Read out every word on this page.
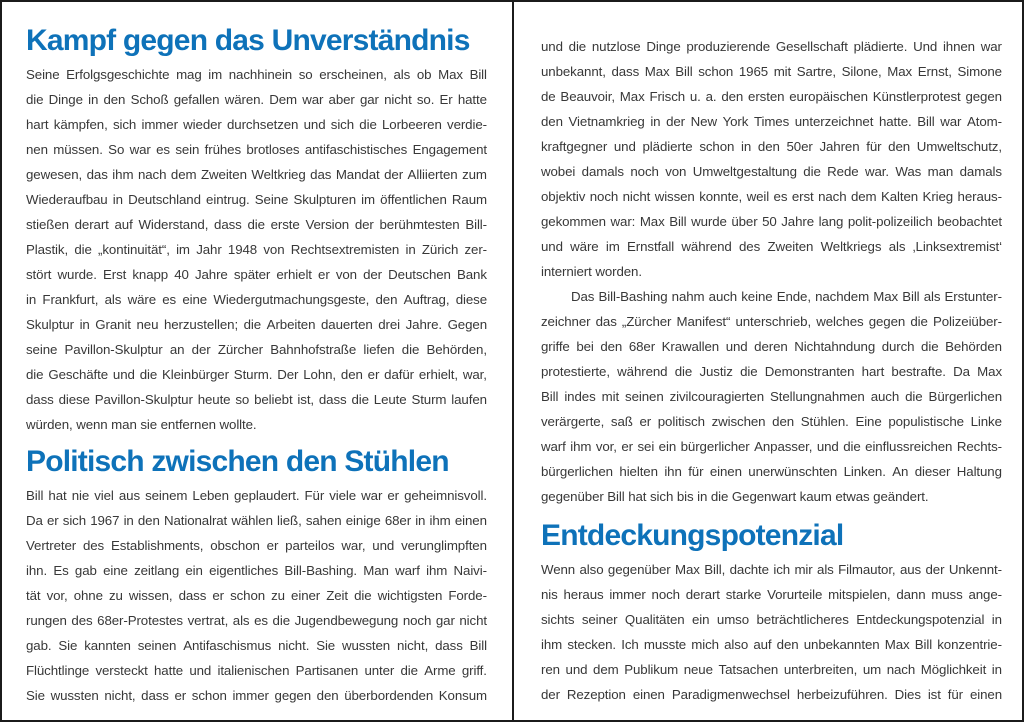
Kampf gegen das Unverständnis
Seine Erfolgsgeschichte mag im nachhinein so erscheinen, als ob Max Bill
die Dinge in den Schoß gefallen wären. Dem war aber gar nicht so. Er hatte
hart kämpfen, sich immer wieder durchsetzen und sich die Lorbeeren verdie-
nen müssen. So war es sein frühes brotloses antifaschistisches Engagement
gewesen, das ihm nach dem Zweiten Weltkrieg das Mandat der Alliierten zum
Wiederaufbau in Deutschland eintrug. Seine Skulpturen im öffentlichen Raum
stießen derart auf Widerstand, dass die erste Version der berühmtesten Bill-
Plastik, die „kontinuität“, im Jahr 1948 von Rechtsextremisten in Zürich zer-
stört wurde. Erst knapp 40 Jahre später erhielt er von der Deutschen Bank
in Frankfurt, als wäre es eine Wiedergutmachungsgeste, den Auftrag, diese
Skulptur in Granit neu herzustellen; die Arbeiten dauerten drei Jahre. Gegen
seine Pavillon-Skulptur an der Zürcher Bahnhofstraße liefen die Behörden,
die Geschäfte und die Kleinbürger Sturm. Der Lohn, den er dafür erhielt, war,
dass diese Pavillon-Skulptur heute so beliebt ist, dass die Leute Sturm laufen
würden, wenn man sie entfernen wollte.
Politisch zwischen den Stühlen
Bill hat nie viel aus seinem Leben geplaudert. Für viele war er geheimnisvoll.
Da er sich 1967 in den Nationalrat wählen ließ, sahen einige 68er in ihm einen
Vertreter des Establishments, obschon er parteilos war, und verunglimpften
ihn. Es gab eine zeitlang ein eigentliches Bill-Bashing. Man warf ihm Naivi-
tät vor, ohne zu wissen, dass er schon zu einer Zeit die wichtigsten Forde-
rungen des 68er-Protestes vertrat, als es die Jugendbewegung noch gar nicht
gab. Sie kannten seinen Antifaschismus nicht. Sie wussten nicht, dass Bill
Flüchtlinge versteckt hatte und italienischen Partisanen unter die Arme griff.
Sie wussten nicht, dass er schon immer gegen den überbordenden Konsum
und die nutzlose Dinge produzierende Gesellschaft plädierte. Und ihnen war
unbekannt, dass Max Bill schon 1965 mit Sartre, Silone, Max Ernst, Simone
de Beauvoir, Max Frisch u. a. den ersten europäischen Künstlerprotest gegen
den Vietnamkrieg in der New York Times unterzeichnet hatte. Bill war Atom-
kraftgegner und plädierte schon in den 50er Jahren für den Umweltschutz,
wobei damals noch von Umweltgestaltung die Rede war. Was man damals
objektiv noch nicht wissen konnte, weil es erst nach dem Kalten Krieg heraus-
gekommen war: Max Bill wurde über 50 Jahre lang polit-polizeilich beobachtet
und wäre im Ernstfall während des Zweiten Weltkriegs als ‚Linksextremist‘
interniert worden.
Das Bill-Bashing nahm auch keine Ende, nachdem Max Bill als Erstunter-
zeichner das „Zürcher Manifest“ unterschrieb, welches gegen die Polizeiüber-
griffe bei den 68er Krawallen und deren Nichtahndung durch die Behörden
protestierte, während die Justiz die Demonstranten hart bestrafte. Da Max
Bill indes mit seinen zivilcouragierten Stellungnahmen auch die Bürgerlichen
verärgerte, saß er politisch zwischen den Stühlen. Eine populistische Linke
warf ihm vor, er sei ein bürgerlicher Anpasser, und die einflussreichen Rechts-
bürgerlichen hielten ihn für einen unerwünschten Linken. An dieser Haltung
gegenüber Bill hat sich bis in die Gegenwart kaum etwas geändert.
Entdeckungspotenzial
Wenn also gegenüber Max Bill, dachte ich mir als Filmautor, aus der Unkennt-
nis heraus immer noch derart starke Vorurteile mitspielen, dann muss ange-
sichts seiner Qualitäten ein umso beträchtlicheres Entdeckungspotenzial in
ihm stecken. Ich musste mich also auf den unbekannten Max Bill konzentrie-
ren und dem Publikum neue Tatsachen unterbreiten, um nach Möglichkeit in
der Rezeption einen Paradigmenwechsel herbeizuführen. Dies ist für einen
